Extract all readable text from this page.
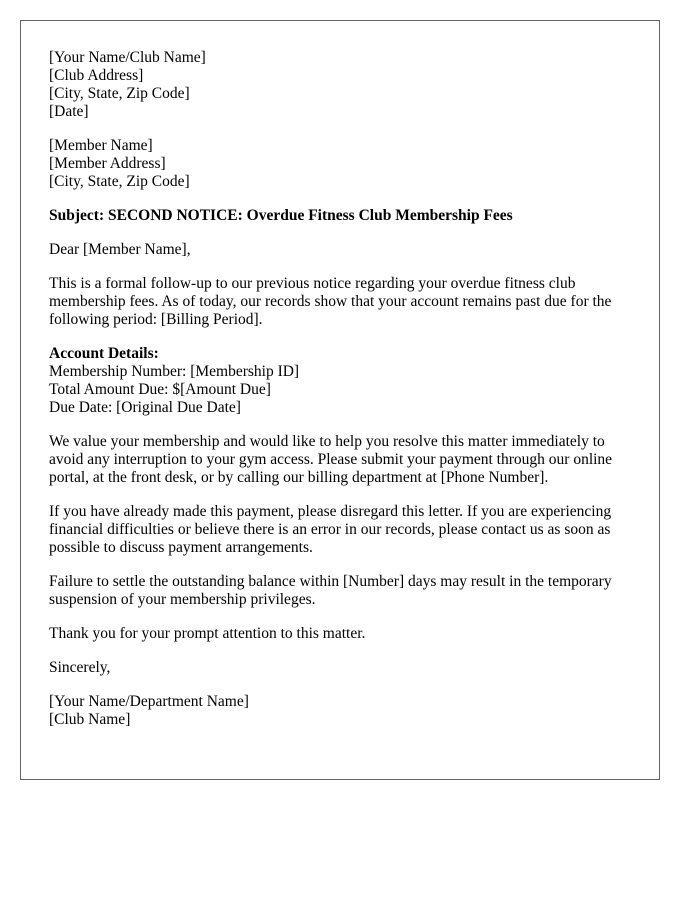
[Your Name/Club Name]
[Club Address]
[City, State, Zip Code]
[Date]
[Member Name]
[Member Address]
[City, State, Zip Code]
Subject: SECOND NOTICE: Overdue Fitness Club Membership Fees
Dear [Member Name],

This is a formal follow-up to our previous notice regarding your overdue fitness club membership fees. As of today, our records show that your account remains past due for the following period: [Billing Period].

Account Details:
Membership Number: [Membership ID]
Total Amount Due: $[Amount Due]
Due Date: [Original Due Date]

We value your membership and would like to help you resolve this matter immediately to avoid any interruption to your gym access. Please submit your payment through our online portal, at the front desk, or by calling our billing department at [Phone Number].

If you have already made this payment, please disregard this letter. If you are experiencing financial difficulties or believe there is an error in our records, please contact us as soon as possible to discuss payment arrangements.

Failure to settle the outstanding balance within [Number] days may result in the temporary suspension of your membership privileges.

Thank you for your prompt attention to this matter.

Sincerely,
[Your Name/Department Name]
[Club Name]
